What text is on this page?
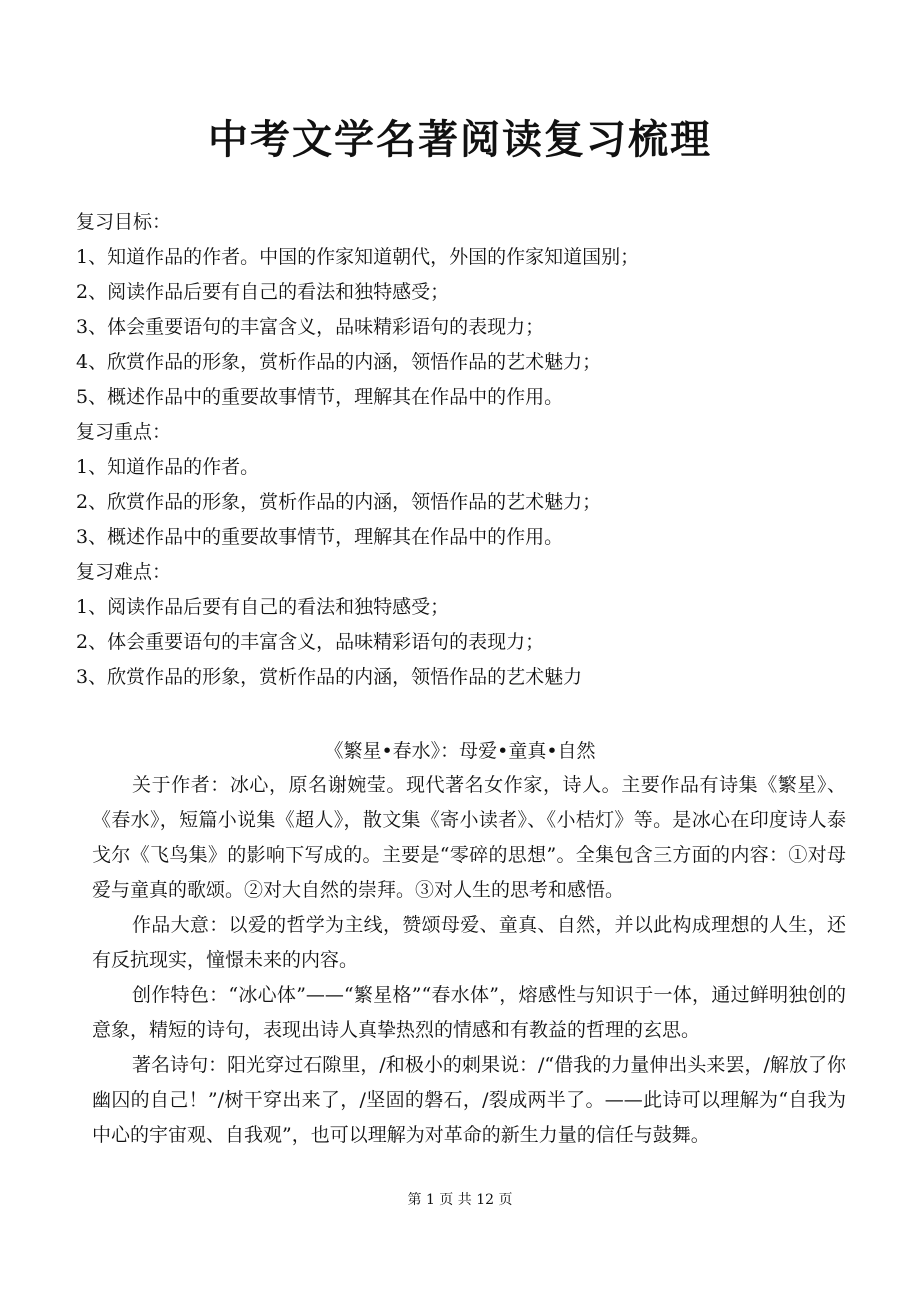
中考文学名著阅读复习梳理

复习目标：

1、知道作品的作者。中国的作家知道朝代，外国的作家知道国别；

2、阅读作品后要有自己的看法和独特感受；

3、体会重要语句的丰富含义，品味精彩语句的表现力；

4、欣赏作品的形象，赏析作品的内涵，领悟作品的艺术魅力；

5、概述作品中的重要故事情节，理解其在作品中的作用。

复习重点：

1、知道作品的作者。

2、欣赏作品的形象，赏析作品的内涵，领悟作品的艺术魅力；

3、概述作品中的重要故事情节，理解其在作品中的作用。

复习难点：

1、阅读作品后要有自己的看法和独特感受；

2、体会重要语句的丰富含义，品味精彩语句的表现力；

3、欣赏作品的形象，赏析作品的内涵，领悟作品的艺术魅力

《繁星•春水》：母爱•童真•自然

关于作者：冰心，原名谢婉莹。现代著名女作家，诗人。主要作品有诗集《繁星》、《春水》，短篇小说集《超人》，散文集《寄小读者》、《小桔灯》等。是冰心在印度诗人泰戈尔《飞鸟集》的影响下写成的。主要是“零碎的思想”。全集包含三方面的内容：①对母爱与童真的歌颂。②对大自然的崇拜。③对人生的思考和感悟。

作品大意：以爱的哲学为主线，赞颂母爱、童真、自然，并以此构成理想的人生，还有反抗现实，憧憬未来的内容。

创作特色：“冰心体”——“繁星格”“春水体”，熔感性与知识于一体，通过鲜明独创的意象，精短的诗句，表现出诗人真挚热烈的情感和有教益的哲理的玄思。

著名诗句：阳光穿过石隙里，/和极小的刺果说：/“借我的力量伸出头来罢，/解放了你幽囚的自己！”/树干穿出来了，/坚固的磐石，/裂成两半了。——此诗可以理解为“自我为中心的宇宙观、自我观”，也可以理解为对革命的新生力量的信任与鼓舞。

第 1 页 共 12 页
